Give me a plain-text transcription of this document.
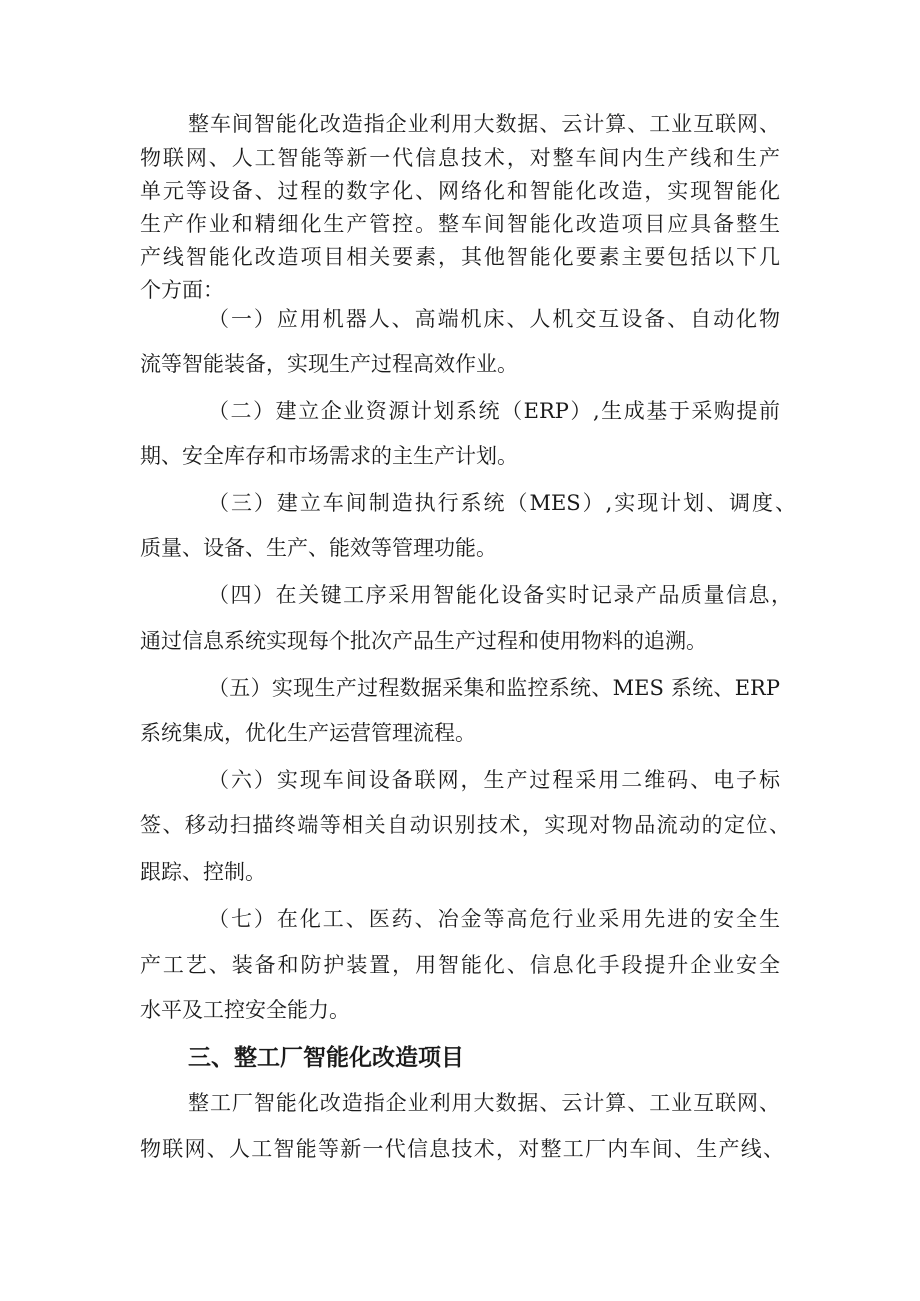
整车间智能化改造指企业利用大数据、云计算、工业互联网、

物联网、人工智能等新一代信息技术，对整车间内生产线和生产

单元等设备、过程的数字化、网络化和智能化改造，实现智能化

生产作业和精细化生产管控。整车间智能化改造项目应具备整生

产线智能化改造项目相关要素，其他智能化要素主要包括以下几

个方面：

（一）应用机器人、高端机床、人机交互设备、自动化物

流等智能装备，实现生产过程高效作业。

（二）建立企业资源计划系统（ERP）,生成基于采购提前

期、安全库存和市场需求的主生产计划。

（三）建立车间制造执行系统（MES）,实现计划、调度、

质量、设备、生产、能效等管理功能。

（四）在关键工序采用智能化设备实时记录产品质量信息，

通过信息系统实现每个批次产品生产过程和使用物料的追溯。

（五）实现生产过程数据采集和监控系统、MES 系统、ERP

系统集成，优化生产运营管理流程。

（六）实现车间设备联网，生产过程采用二维码、电子标

签、移动扫描终端等相关自动识别技术，实现对物品流动的定位、

跟踪、控制。

（七）在化工、医药、冶金等高危行业采用先进的安全生

产工艺、装备和防护装置，用智能化、信息化手段提升企业安全

水平及工控安全能力。

三、整工厂智能化改造项目

整工厂智能化改造指企业利用大数据、云计算、工业互联网、

物联网、人工智能等新一代信息技术，对整工厂内车间、生产线、
